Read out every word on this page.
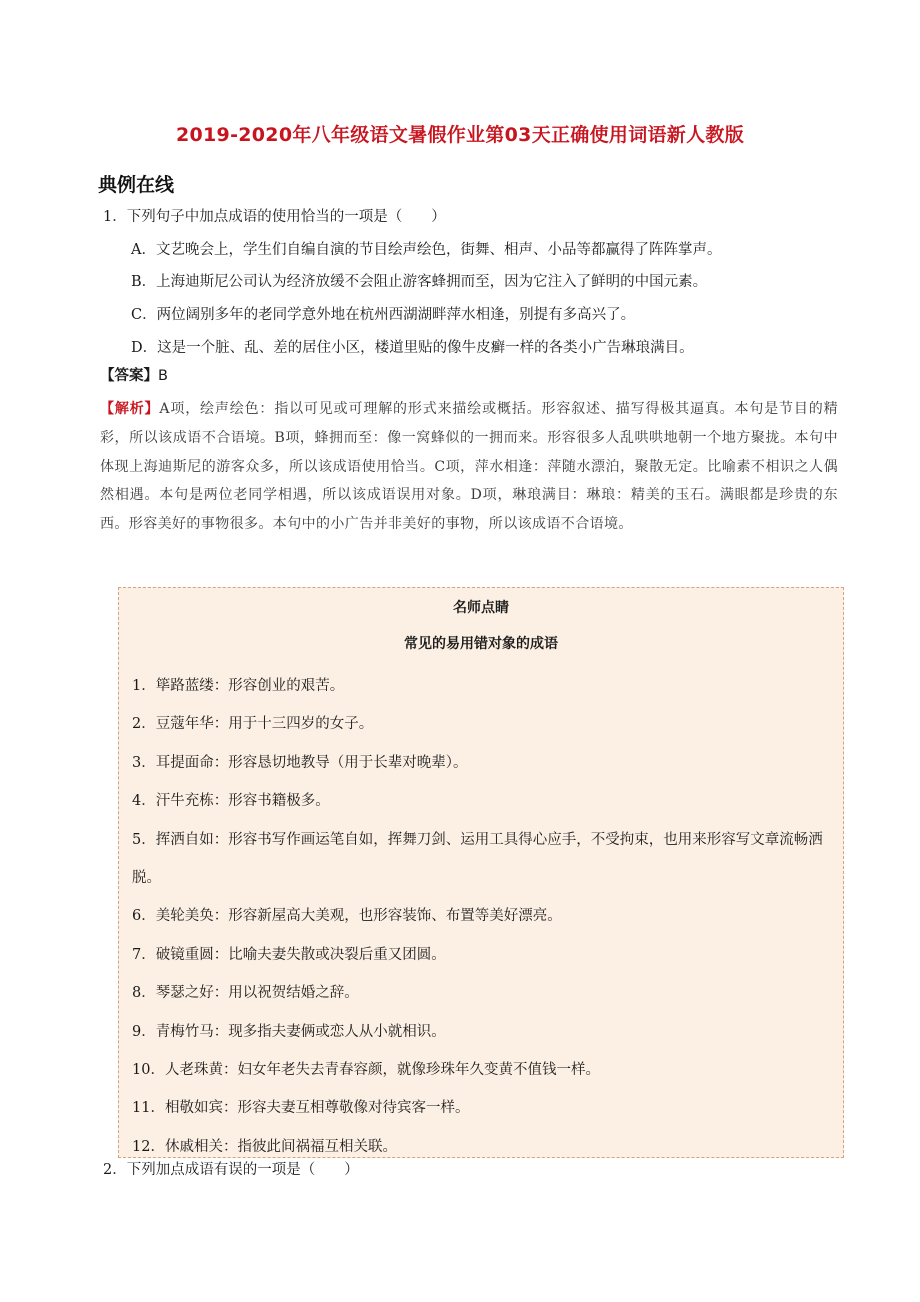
2019-2020年八年级语文暑假作业第03天正确使用词语新人教版
典例在线
1．下列句子中加点成语的使用恰当的一项是（　　）
A．文艺晚会上，学生们自编自演的节目绘声绘色，街舞、相声、小品等都赢得了阵阵掌声。
B．上海迪斯尼公司认为经济放缓不会阻止游客蜂拥而至，因为它注入了鲜明的中国元素。
C．两位阔别多年的老同学意外地在杭州西湖湖畔萍水相逢，别提有多高兴了。
D．这是一个脏、乱、差的居住小区，楼道里贴的像牛皮癣一样的各类小广告琳琅满目。
【答案】B
【解析】A项，绘声绘色：指以可见或可理解的形式来描绘或概括。形容叙述、描写得极其逼真。本句是节目的精彩，所以该成语不合语境。B项，蜂拥而至：像一窝蜂似的一拥而来。形容很多人乱哄哄地朝一个地方聚拢。本句中体现上海迪斯尼的游客众多，所以该成语使用恰当。C项，萍水相逢：萍随水漂泊，聚散无定。比喻素不相识之人偶然相遇。本句是两位老同学相遇，所以该成语误用对象。D项，琳琅满目：琳琅：精美的玉石。满眼都是珍贵的东西。形容美好的事物很多。本句中的小广告并非美好的事物，所以该成语不合语境。
名师点睛
常见的易用错对象的成语
1．筚路蓝缕：形容创业的艰苦。
2．豆蔻年华：用于十三四岁的女子。
3．耳提面命：形容恳切地教导（用于长辈对晚辈）。
4．汗牛充栋：形容书籍极多。
5．挥洒自如：形容书写作画运笔自如，挥舞刀剑、运用工具得心应手，不受拘束，也用来形容写文章流畅洒脱。
6．美轮美奂：形容新屋高大美观，也形容装饰、布置等美好漂亮。
7．破镜重圆：比喻夫妻失散或决裂后重又团圆。
8．琴瑟之好：用以祝贺结婚之辞。
9．青梅竹马：现多指夫妻俩或恋人从小就相识。
10．人老珠黄：妇女年老失去青春容颜，就像珍珠年久变黄不值钱一样。
11．相敬如宾：形容夫妻互相尊敬像对待宾客一样。
12．休戚相关：指彼此间祸福互相关联。
2．下列加点成语有误的一项是（　　）
